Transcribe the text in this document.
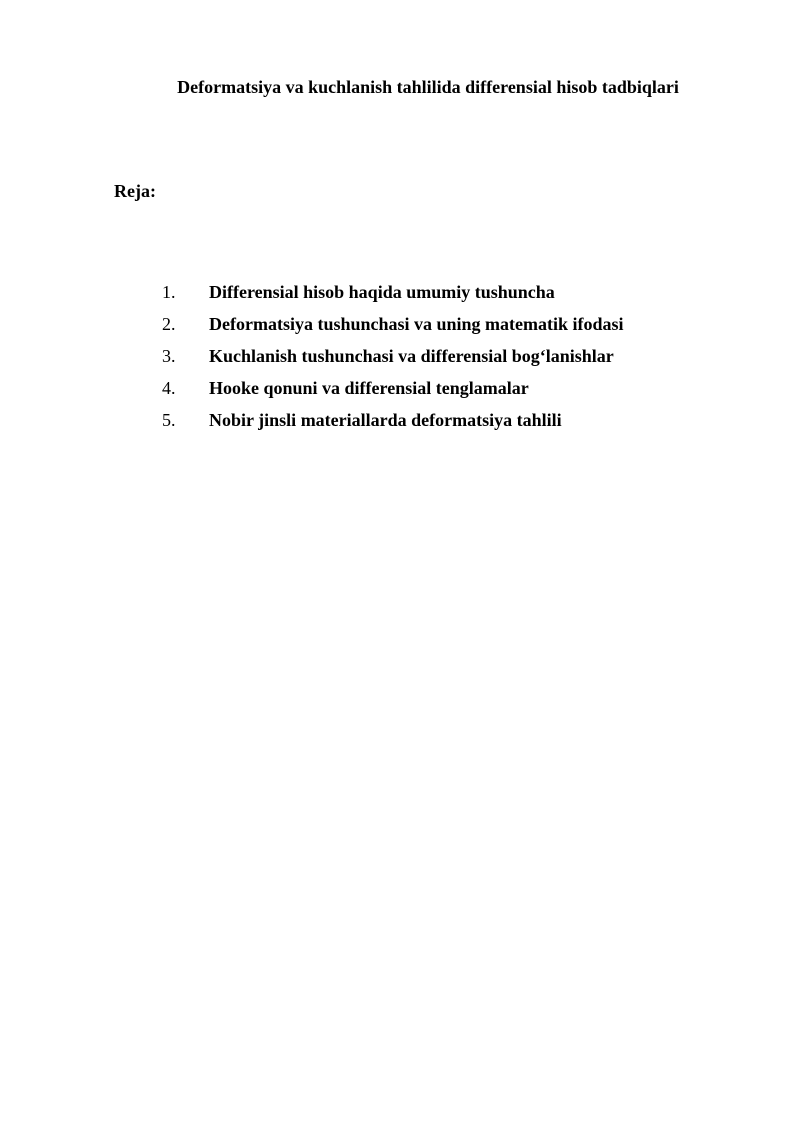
Deformatsiya va kuchlanish tahlilida differensial hisob tadbiqlari
Reja:
1. Differensial hisob haqida umumiy tushuncha
2. Deformatsiya tushunchasi va uning matematik ifodasi
3. Kuchlanish tushunchasi va differensial bog‘lanishlar
4. Hooke qonuni va differensial tenglamalar
5. Nobir jinsli materiallarda deformatsiya tahlili
